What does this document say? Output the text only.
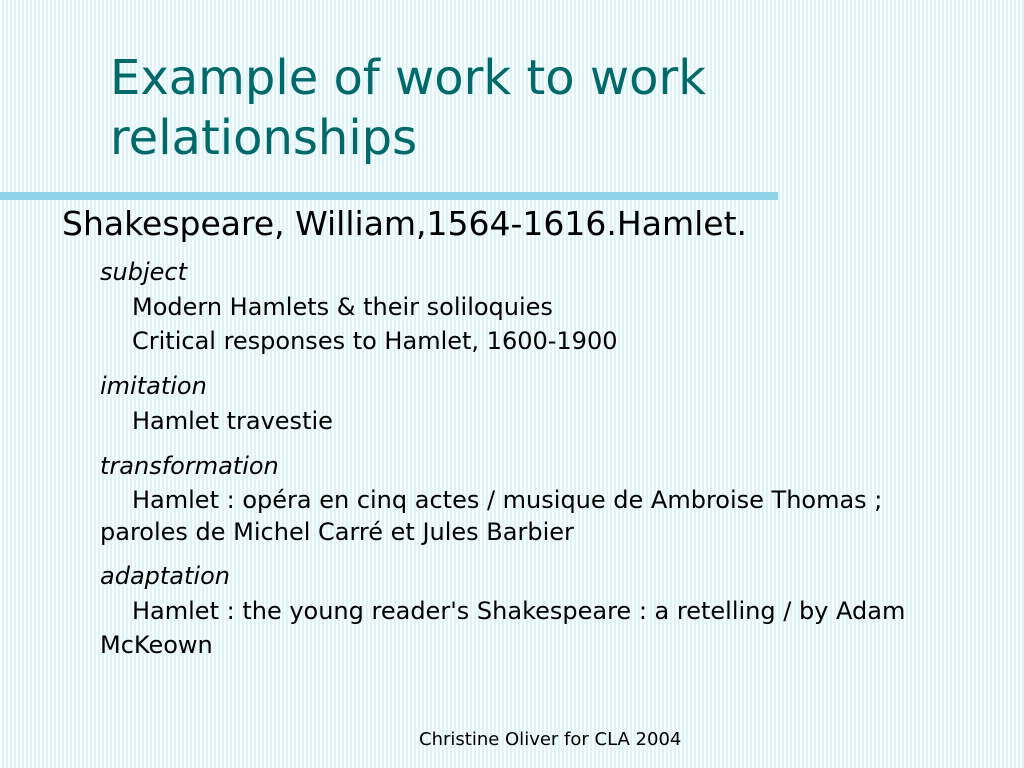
Example of work to work relationships
Shakespeare, William,1564-1616.Hamlet.

subject

Modern Hamlets & their soliloquies

Critical responses to Hamlet, 1600-1900

imitation

Hamlet travestie

transformation

Hamlet : opéra en cinq actes / musique de Ambroise Thomas ; paroles de Michel Carré et Jules Barbier

adaptation

Hamlet : the young reader's Shakespeare : a retelling / by Adam McKeown

Christine Oliver for CLA 2004
